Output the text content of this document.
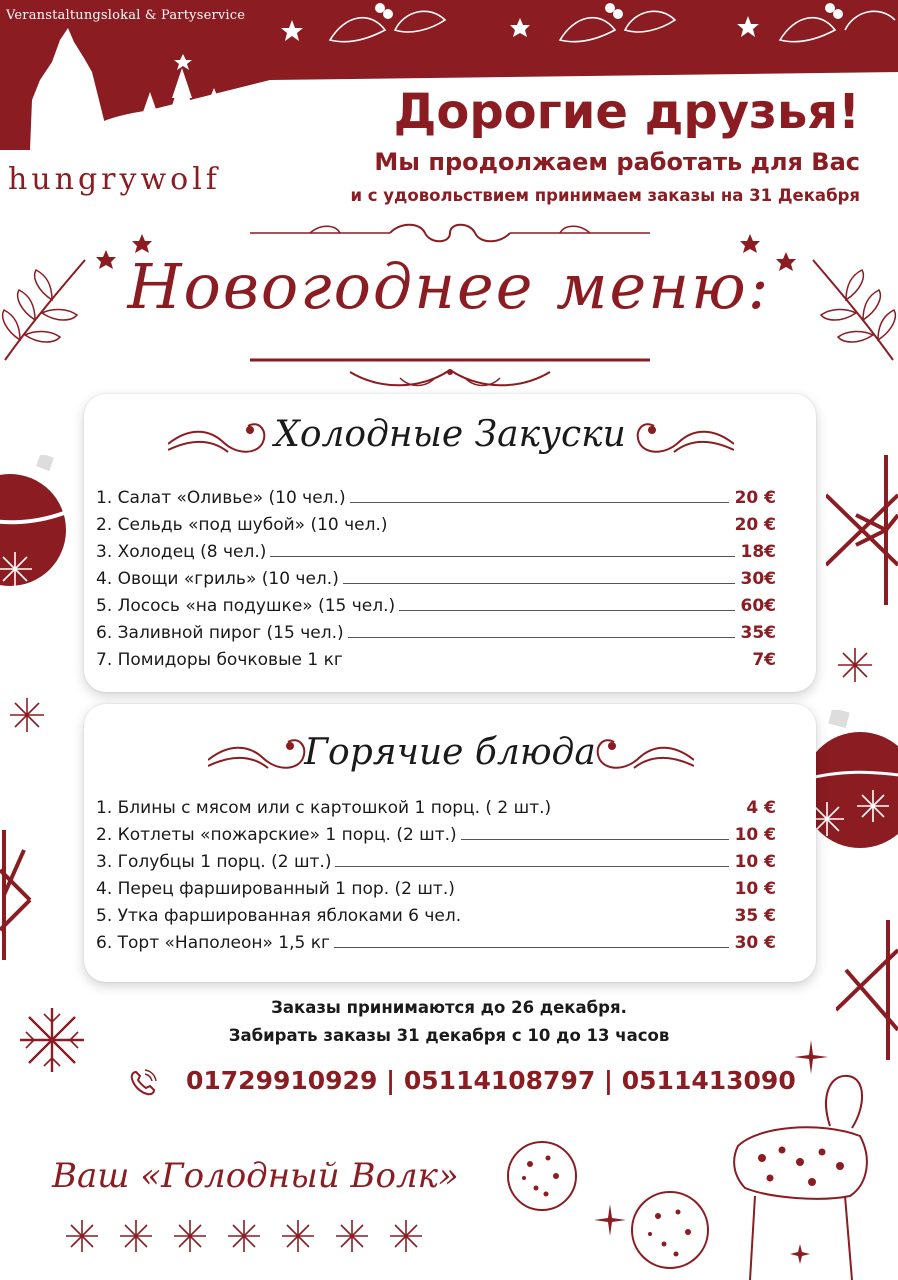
Veranstaltungslokal & Partyservice
hungrywolf
Дорогие друзья!
Мы продолжаем работать для Вас
и с удовольствием принимаем заказы на 31 Декабря
Новогоднее меню:
Холодные Закуски
1. Салат «Оливье» (10 чел.)	20 €
2. Сельдь «под шубой» (10 чел.)	20 €
3. Холодец (8 чел.)	18€
4. Овощи «гриль» (10 чел.)	30€
5. Лосось «на подушке» (15 чел.)	60€
6. Заливной пирог (15 чел.)	35€
7. Помидоры бочковые 1 кг	7€
Горячие блюда
1. Блины с мясом или с картошкой 1 порц. ( 2 шт.)	4 €
2. Котлеты «пожарские» 1 порц. (2 шт.)	10 €
3. Голубцы 1 порц. (2 шт.)	10 €
4. Перец фаршированный 1 пор. (2 шт.)	10 €
5. Утка фаршированная яблоками 6 чел.	35 €
6. Торт «Наполеон» 1,5 кг	30 €
Заказы принимаются до 26 декабря.
Забирать заказы 31 декабря с 10 до 13 часов
01729910929 | 05114108797 | 0511413090
Ваш «Голодный Волк»
